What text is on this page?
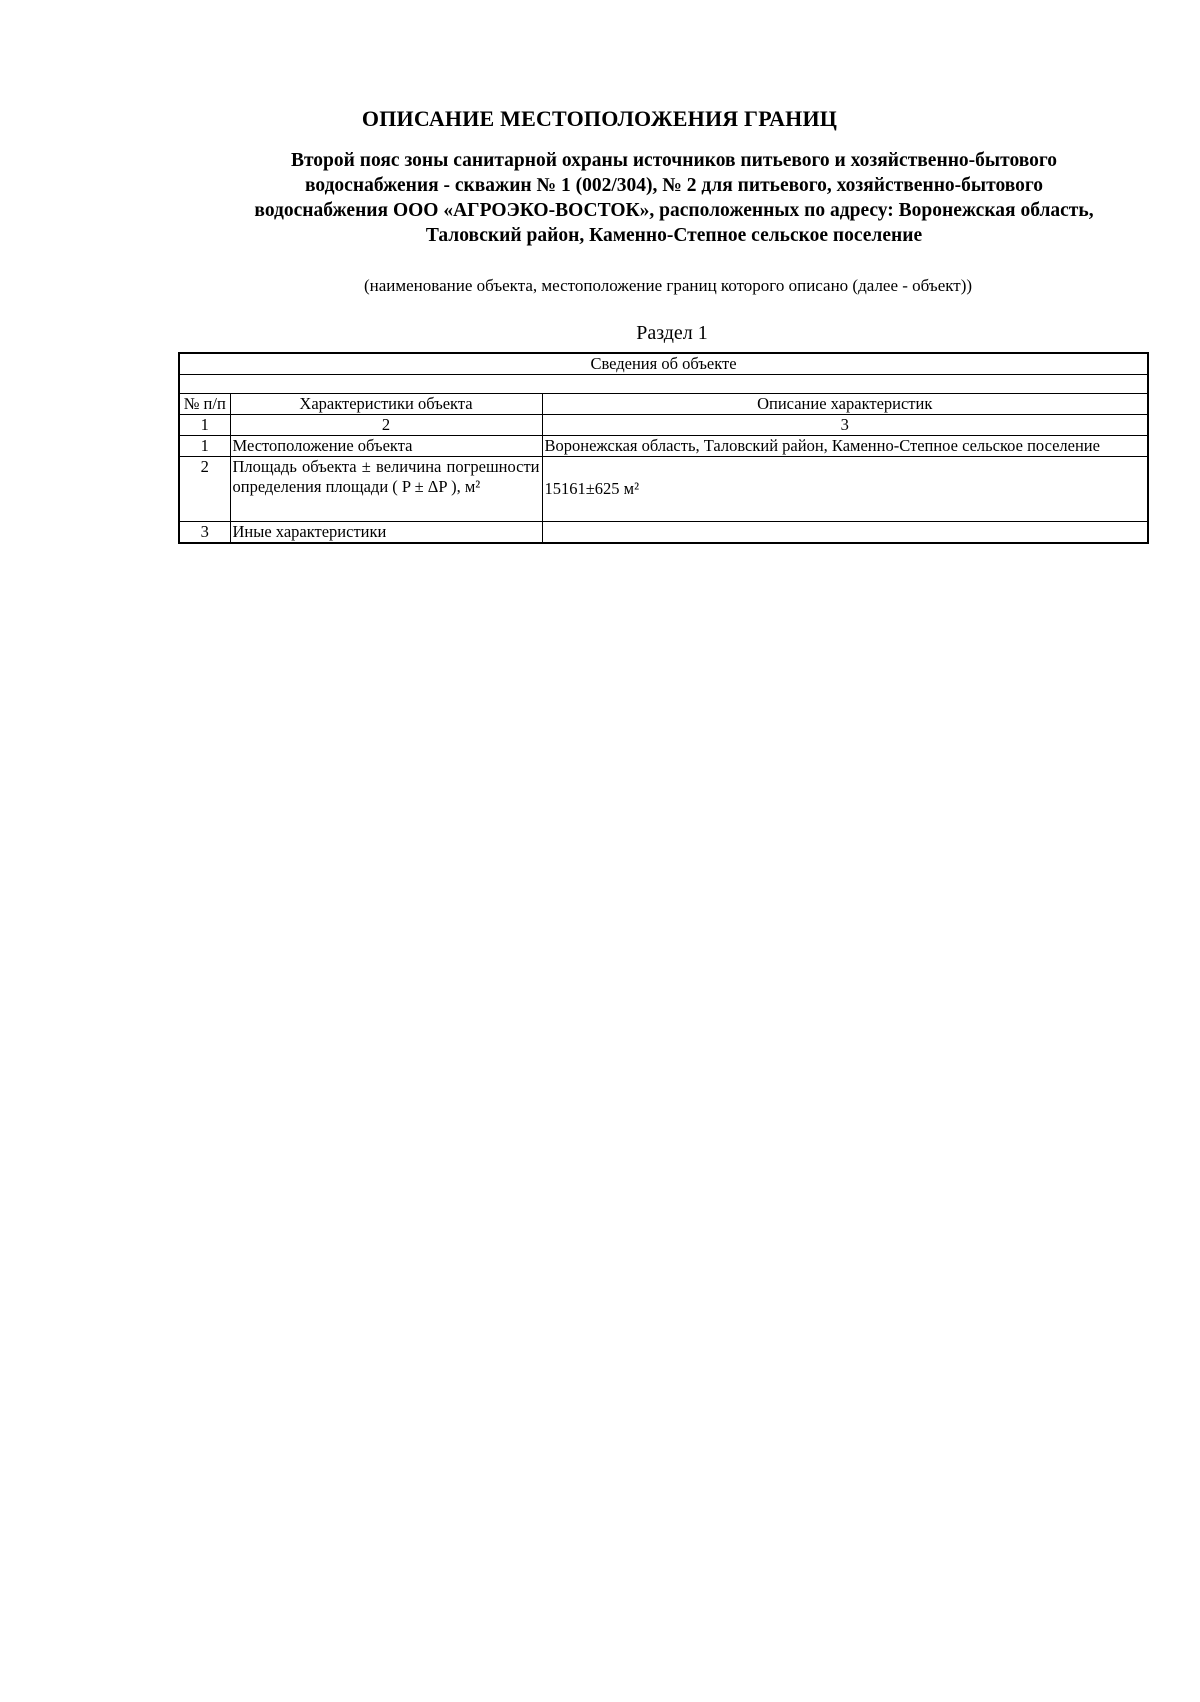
ОПИСАНИЕ МЕСТОПОЛОЖЕНИЯ ГРАНИЦ
Второй пояс зоны санитарной охраны источников питьевого и хозяйственно-бытового
водоснабжения - скважин № 1 (002/304), № 2 для питьевого, хозяйственно-бытового
водоснабжения ООО «АГРОЭКО-ВОСТОК», расположенных по адресу: Воронежская область,
Таловский район, Каменно-Степное сельское поселение
(наименование объекта, местоположение границ которого описано (далее - объект))
Раздел 1
Сведения об объекте		

№ п/п	Характеристики объекта	Описание характеристик
1	2	3
1	Местоположение объекта	Воронежская область, Таловский район, Каменно-Степное сельское поселение
2	Площадь объекта ± величина погрешности определения площади ( P ± ΔP ), м²	15161±625 м²
3	Иные характеристики	
